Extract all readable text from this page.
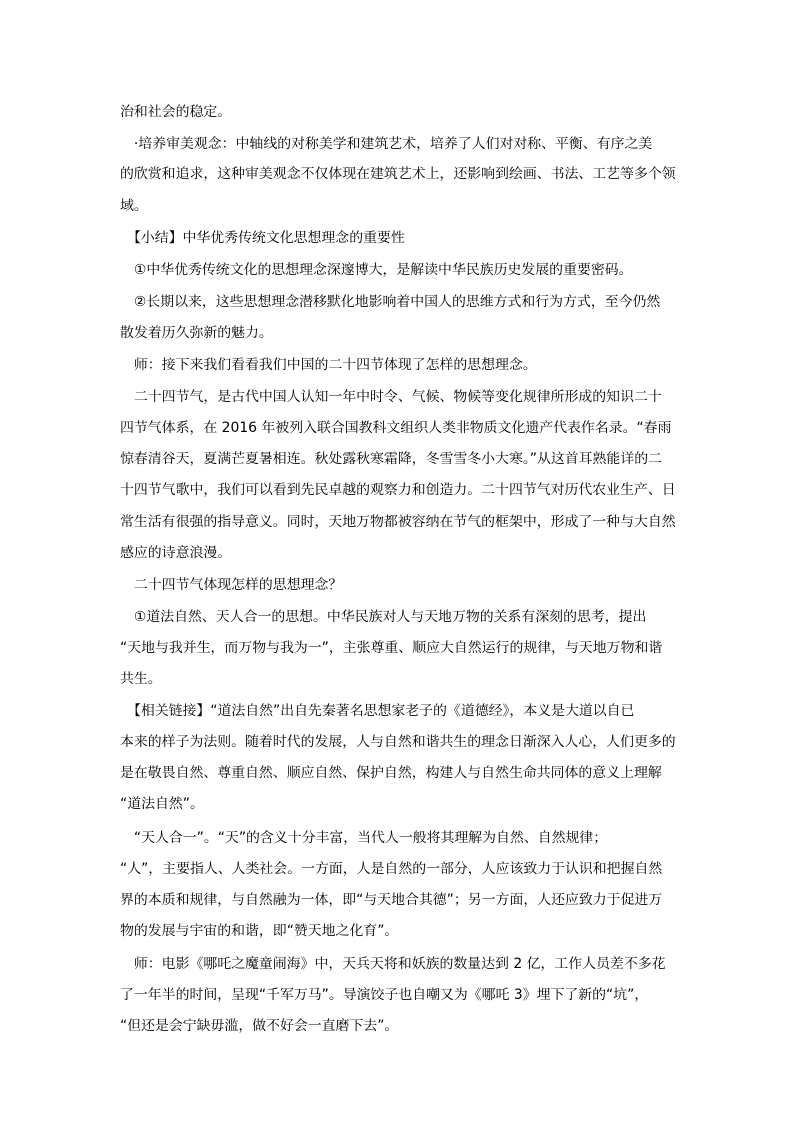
治和社会的稳定。
　·培养审美观念：中轴线的对称美学和建筑艺术，培养了人们对对称、平衡、有序之美
的欣赏和追求，这种审美观念不仅体现在建筑艺术上，还影响到绘画、书法、工艺等多个领
域。
　【小结】中华优秀传统文化思想理念的重要性
　①中华优秀传统文化的思想理念深邃博大，是解读中华民族历史发展的重要密码。
　②长期以来，这些思想理念潜移默化地影响着中国人的思维方式和行为方式，至今仍然
散发着历久弥新的魅力。
　师：接下来我们看看我们中国的二十四节体现了怎样的思想理念。
　二十四节气，是古代中国人认知一年中时令、气候、物候等变化规律所形成的知识二十
四节气体系，在 2016 年被列入联合国教科文组织人类非物质文化遗产代表作名录。“春雨
惊春清谷天，夏满芒夏暑相连。秋处露秋寒霜降，冬雪雪冬小大寒。”从这首耳熟能详的二
十四节气歌中，我们可以看到先民卓越的观察力和创造力。二十四节气对历代农业生产、日
常生活有很强的指导意义。同时，天地万物都被容纳在节气的框架中，形成了一种与大自然
感应的诗意浪漫。
　二十四节气体现怎样的思想理念？
　①道法自然、天人合一的思想。中华民族对人与天地万物的关系有深刻的思考，提出
“天地与我并生，而万物与我为一”，主张尊重、顺应大自然运行的规律，与天地万物和谐
共生。
　【相关链接】“道法自然”出自先秦著名思想家老子的《道德经》，本义是大道以自已
本来的样子为法则。随着时代的发展，人与自然和谐共生的理念日渐深入人心，人们更多的
是在敬畏自然、尊重自然、顺应自然、保护自然，构建人与自然生命共同体的意义上理解
“道法自然”。
　“天人合一”。“天”的含义十分丰富，当代人一般将其理解为自然、自然规律；
“人”，主要指人、人类社会。一方面，人是自然的一部分，人应该致力于认识和把握自然
界的本质和规律，与自然融为一体，即“与天地合其德”；另一方面，人还应致力于促进万
物的发展与宇宙的和谐，即“赞天地之化育”。
　师：电影《哪吒之魔童闹海》中，天兵天将和妖族的数量达到 2 亿，工作人员差不多花
了一年半的时间，呈现“千军万马”。导演饺子也自嘲又为《哪吒 3》埋下了新的“坑”，
“但还是会宁缺毋滥，做不好会一直磨下去”。
